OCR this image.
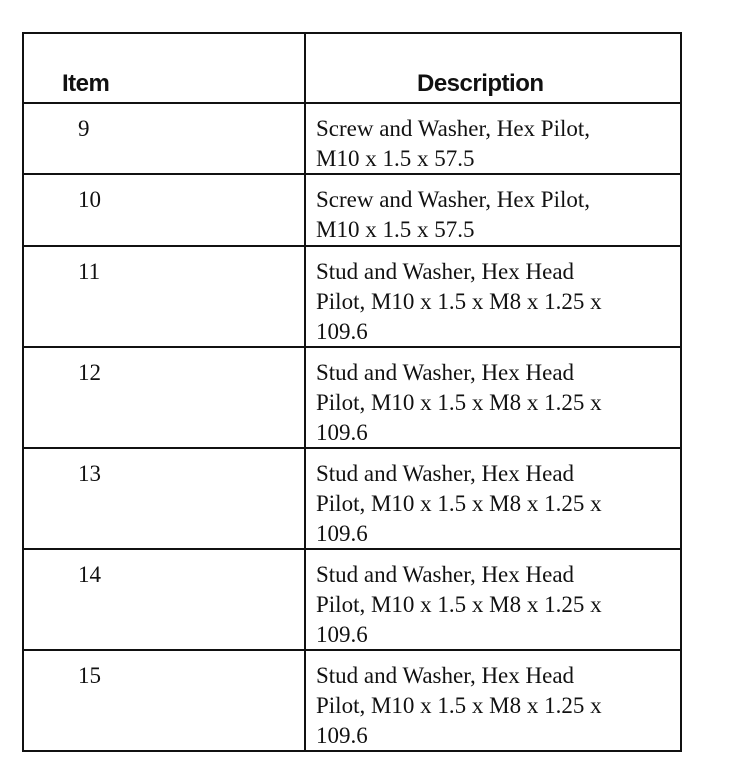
Item	Description
9	Screw and Washer, Hex Pilot,
M10 x 1.5 x 57.5
10	Screw and Washer, Hex Pilot,
M10 x 1.5 x 57.5
11	Stud and Washer, Hex Head
Pilot, M10 x 1.5 x M8 x 1.25 x
109.6
12	Stud and Washer, Hex Head
Pilot, M10 x 1.5 x M8 x 1.25 x
109.6
13	Stud and Washer, Hex Head
Pilot, M10 x 1.5 x M8 x 1.25 x
109.6
14	Stud and Washer, Hex Head
Pilot, M10 x 1.5 x M8 x 1.25 x
109.6
15	Stud and Washer, Hex Head
Pilot, M10 x 1.5 x M8 x 1.25 x
109.6
